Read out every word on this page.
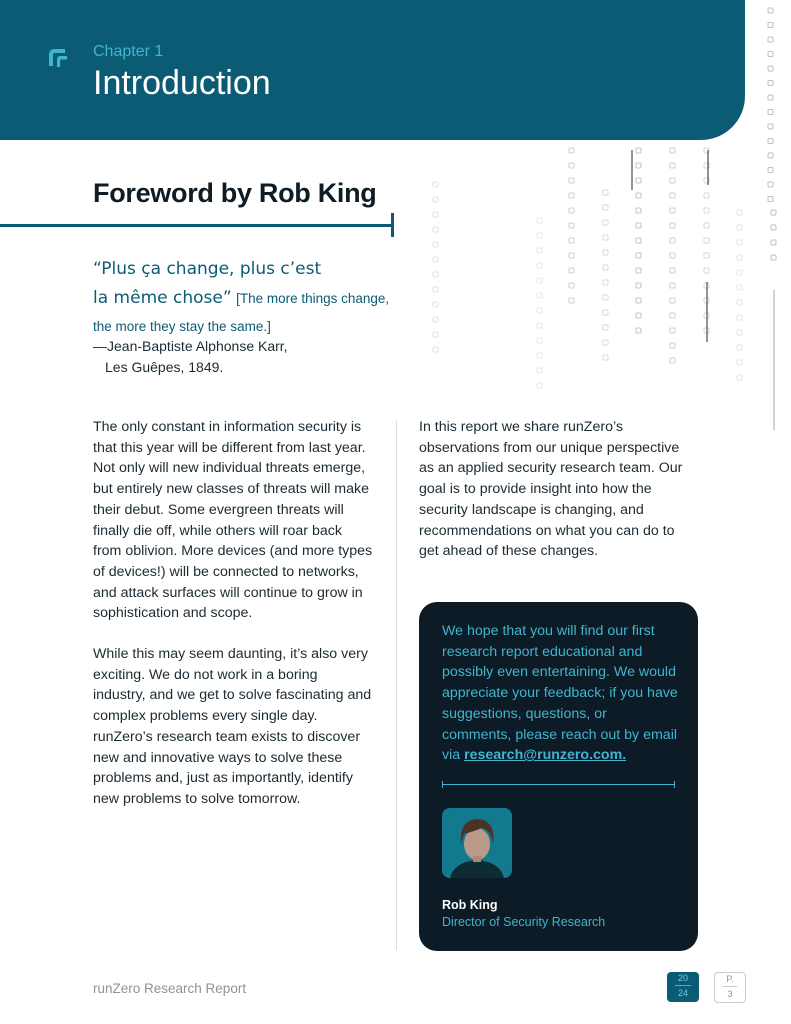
Chapter 1
Introduction
Foreword by Rob King
“Plus ça change, plus c’est
la même chose” [The more things change, the more they stay the same.]
—Jean-Baptiste Alphonse Karr,
Les Guêpes, 1849.

The only constant in information security is that this year will be different from last year. Not only will new individual threats emerge, but entirely new classes of threats will make their debut. Some evergreen threats will finally die off, while others will roar back from oblivion. More devices (and more types of devices!) will be connected to networks, and attack surfaces will continue to grow in sophistication and scope.

While this may seem daunting, it’s also very exciting. We do not work in a boring industry, and we get to solve fascinating and complex problems every single day. runZero’s research team exists to discover new and innovative ways to solve these problems and, just as importantly, identify new problems to solve tomorrow.

In this report we share runZero’s observations from our unique perspective as an applied security research team. Our goal is to provide insight into how the security landscape is changing, and recommendations on what you can do to get ahead of these changes.

We hope that you will find our first research report educational and possibly even entertaining. We would appreciate your feedback; if you have suggestions, questions, or comments, please reach out by email via research@runzero.com.
Rob King
Director of Security Research
runZero Research Report
20
24
P.
3
